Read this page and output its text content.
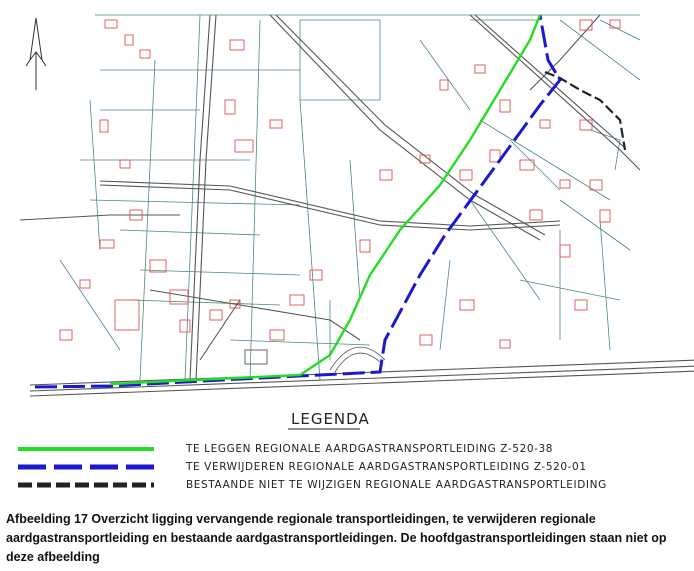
LEGENDA
TE LEGGEN REGIONALE AARDGASTRANSPORTLEIDING Z-520-38
TE VERWIJDEREN REGIONALE AARDGASTRANSPORTLEIDING Z-520-01
BESTAANDE NIET TE WIJZIGEN REGIONALE AARDGASTRANSPORTLEIDING
Afbeelding 17 Overzicht ligging vervangende regionale transportleidingen, te verwijderen regionale aardgastransportleiding en bestaande aardgastransportleidingen. De hoofdgastransportleidingen staan niet op deze afbeelding
